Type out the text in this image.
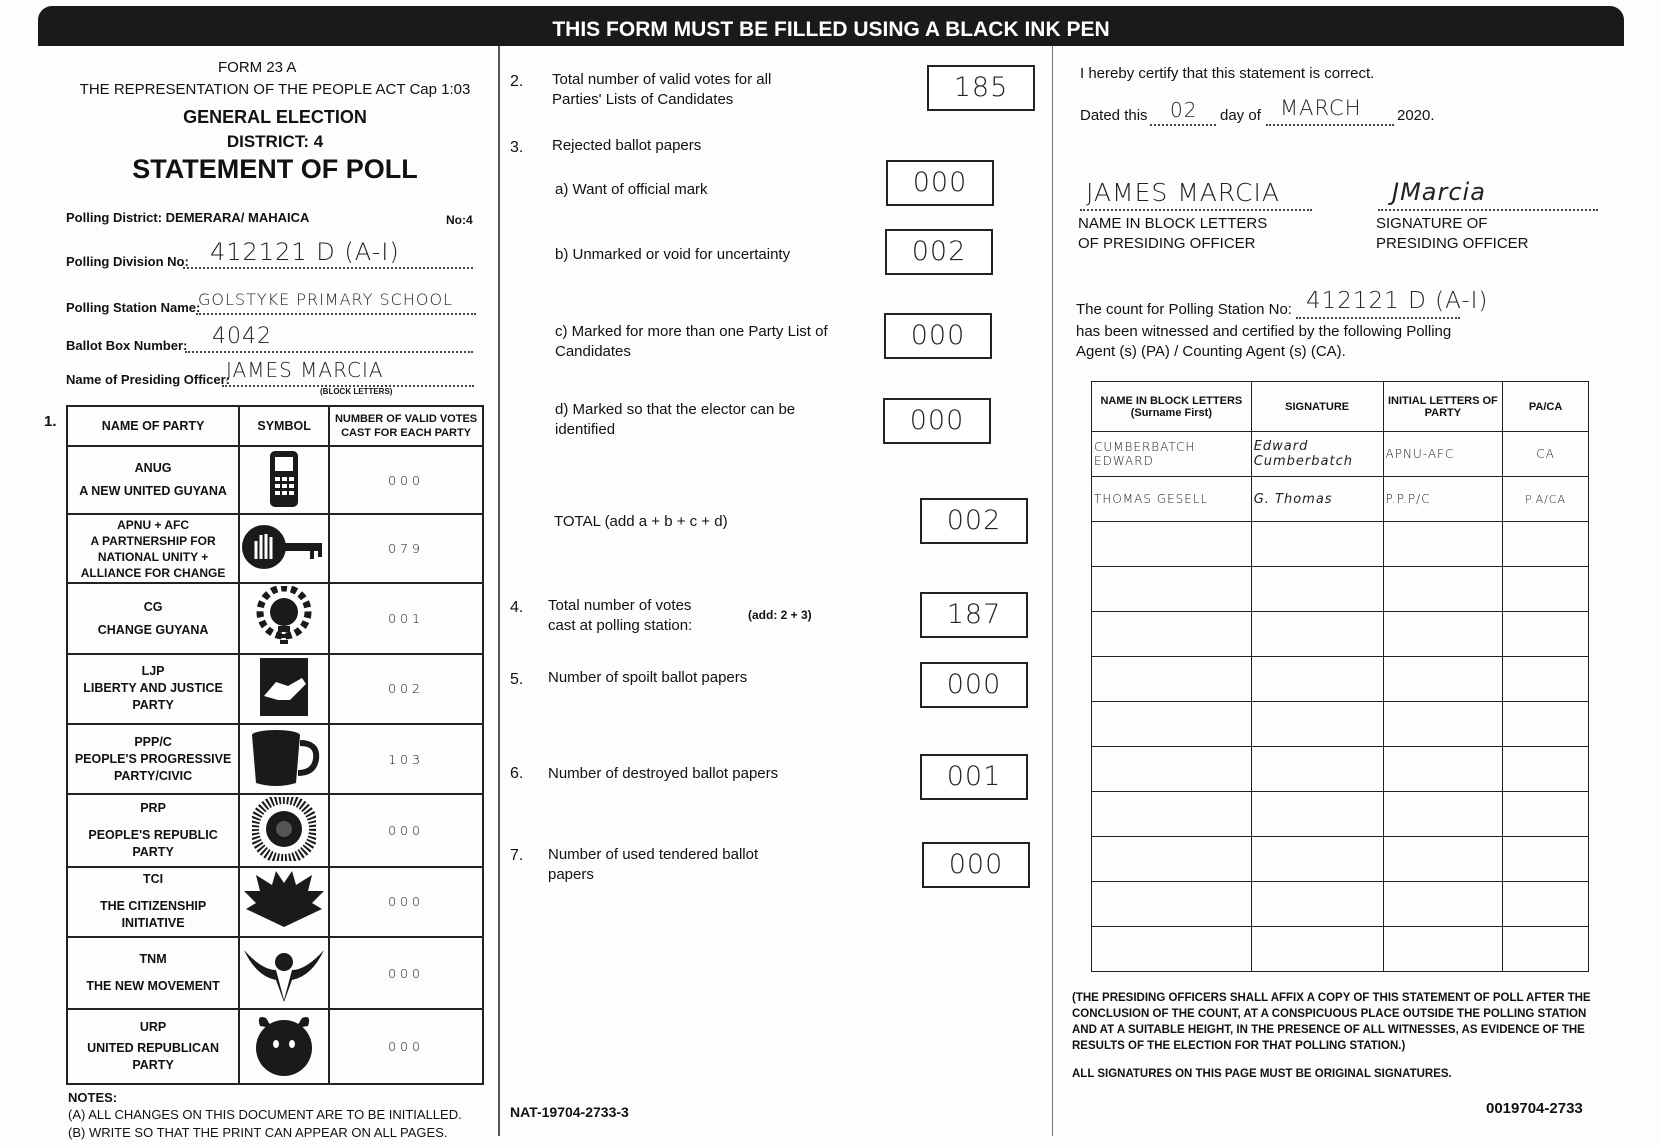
THIS FORM MUST BE FILLED USING A BLACK INK PEN
FORM 23 A
THE REPRESENTATION OF THE PEOPLE ACT Cap 1:03
GENERAL ELECTION
DISTRICT: 4
STATEMENT OF POLL
Polling District: DEMERARA/ MAHAICA	No:4
Polling Division No: 412121 D (A-I)
Polling Station Name:
GOLSTYKE PRIMARY SCHOOL
Ballot Box Number: 4042
Name of Presiding Officer:
JAMES MARCIA
(BLOCK LETTERS)
1.	NAME OF PARTY	SYMBOL	NUMBER OF VALID VOTES CAST FOR EACH PARTY

ANUG
A NEW UNITED GUYANA		000

APNU + AFC
A PARTNERSHIP FOR NATIONAL UNITY + ALLIANCE FOR CHANGE		079

CG
CHANGE GUYANA		001

LJP
LIBERTY AND JUSTICE PARTY		002

PPP/C
PEOPLE'S PROGRESSIVE PARTY/CIVIC		103

PRP
PEOPLE'S REPUBLIC PARTY		000

TCI
THE CITIZENSHIP INITIATIVE		000

TNM
THE NEW MOVEMENT		000

URP
UNITED REPUBLICAN PARTY		000
NOTES:
(A) ALL CHANGES ON THIS DOCUMENT ARE TO BE INITIALLED.
(B) WRITE SO THAT THE PRINT CAN APPEAR ON ALL PAGES.
2. Total number of valid votes for all Parties' Lists of Candidates	185
3. Rejected ballot papers
a) Want of official mark	000
b) Unmarked or void for uncertainty	002
c) Marked for more than one Party List of Candidates
000
d) Marked so that the elector can be identified	000
TOTAL (add a + b + c + d)	002
4. Total number of votes cast at polling station:
(add: 2 + 3)	187
5. Number of spoilt ballot papers	000
6. Number of destroyed ballot papers	001
7. Number of used tendered ballot papers	000
NAT-19704-2733-3
I hereby certify that this statement is correct.
Dated this 02 day of MARCH 2020.
JAMES MARCIA	JMarcia
NAME IN BLOCK LETTERS OF PRESIDING OFFICER
SIGNATURE OF PRESIDING OFFICER
The count for Polling Station No: 412121 D (A-I)
has been witnessed and certified by the following Polling Agent (s) (PA) / Counting Agent (s) (CA).
NAME IN BLOCK LETTERS (Surname First)	SIGNATURE	INITIAL LETTERS OF PARTY	PA/CA
CUMBERBATCH EDWARD	Edward Cumberbatch	APNU-AFC	CA
THOMAS GESELL	G. Thomas	P.P.P/C	P.A/CA

(THE PRESIDING OFFICERS SHALL AFFIX A COPY OF THIS STATEMENT OF POLL AFTER THE CONCLUSION OF THE COUNT, AT A CONSPICUOUS PLACE OUTSIDE THE POLLING STATION AND AT A SUITABLE HEIGHT, IN THE PRESENCE OF ALL WITNESSES, AS EVIDENCE OF THE RESULTS OF THE ELECTION FOR THAT POLLING STATION.)
ALL SIGNATURES ON THIS PAGE MUST BE ORIGINAL SIGNATURES.
0019704-2733
